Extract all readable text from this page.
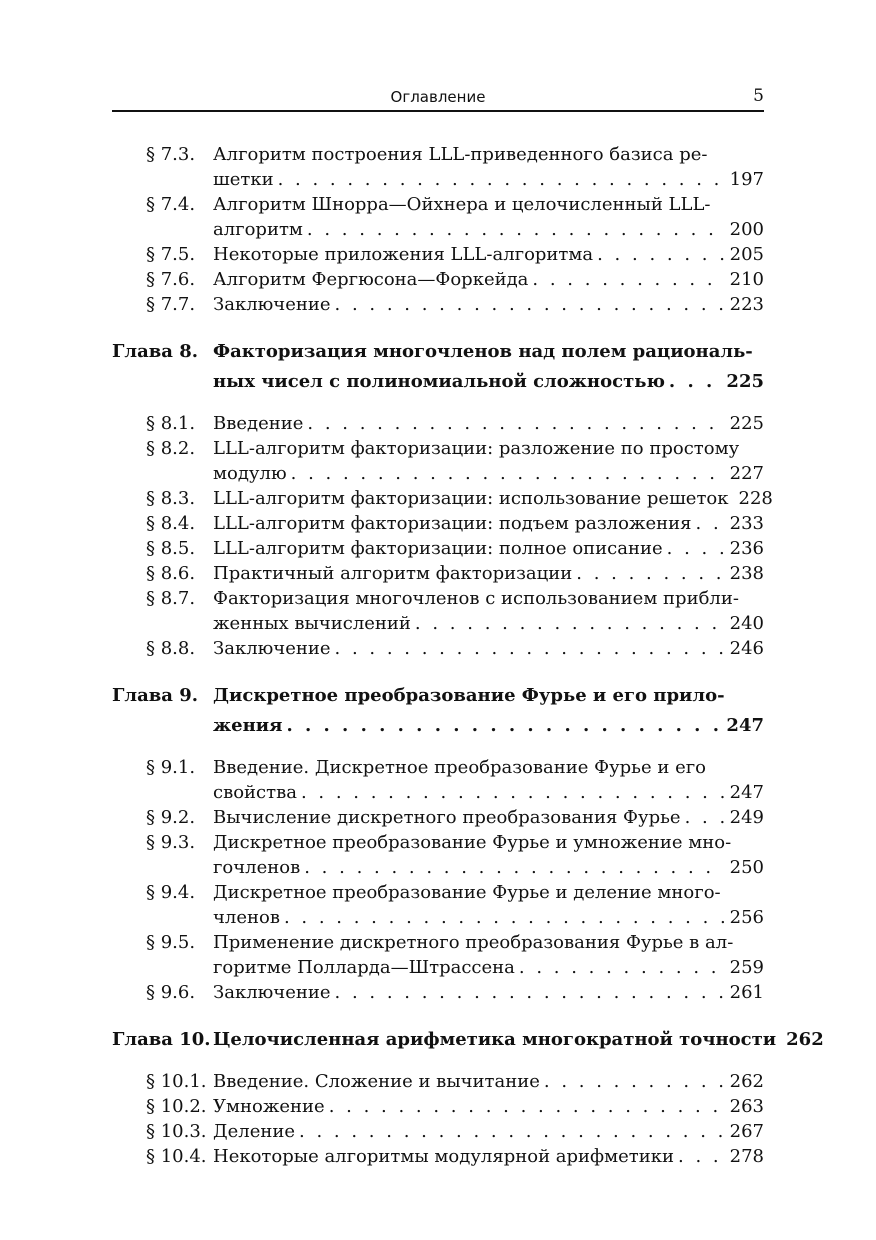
Оглавление	5
§ 7.3. Алгоритм построения LLL-приведенного базиса ре-
шетки . . .	197
§ 7.4. Алгоритм Шнорра—Ойхнера и целочисленный LLL-
алгоритм . . .	200
§ 7.5. Некоторые приложения LLL-алгоритма . . .	205
§ 7.6. Алгоритм Фергюсона—Форкейда . . .	210
§ 7.7. Заключение . . .	223
Глава 8. Факторизация многочленов над полем рациональ-
ных чисел с полиномиальной сложностью . . .	225
§ 8.1. Введение . . .	225
§ 8.2. LLL-алгоритм факторизации: разложение по простому
модулю . . .	227
§ 8.3. LLL-алгоритм факторизации: использование решеток 228
§ 8.4. LLL-алгоритм факторизации: подъем разложения . . . 233
§ 8.5. LLL-алгоритм факторизации: полное описание . . .	236
§ 8.6. Практичный алгоритм факторизации . . .	238
§ 8.7. Факторизация многочленов с использованием прибли-
женных вычислений . . .	240
§ 8.8. Заключение . . .	246
Глава 9. Дискретное преобразование Фурье и его прило-
жения . . .	247
§ 9.1. Введение. Дискретное преобразование Фурье и его
свойства . . .	247
§ 9.2. Вычисление дискретного преобразования Фурье . . .	249
§ 9.3. Дискретное преобразование Фурье и умножение мно-
гочленов . . .	250
§ 9.4. Дискретное преобразование Фурье и деление много-
членов . . .	256
§ 9.5. Применение дискретного преобразования Фурье в ал-
горитме Полларда—Штрассена . . .	259
§ 9.6. Заключение . . .	261
Глава 10. Целочисленная арифметика многократной точности 262
§ 10.1. Введение. Сложение и вычитание . . .	262
§ 10.2. Умножение . . .	263
§ 10.3. Деление . . .	267
§ 10.4. Некоторые алгоритмы модулярной арифметики . . .	278
